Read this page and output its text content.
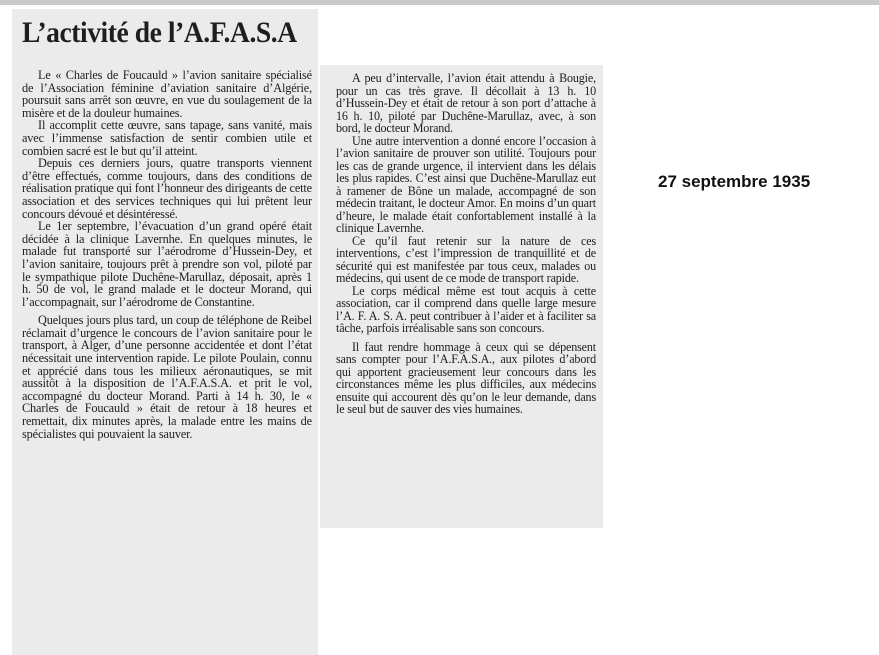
L’activité de l’A.F.A.S.A

Le « Charles de Foucauld » l’avion sanitaire spécialisé de l’Association féminine d’aviation sanitaire d’Algérie, poursuit sans arrêt son œuvre, en vue du soulagement de la misère et de la douleur humaines.

Il accomplit cette œuvre, sans tapage, sans vanité, mais avec l’immense satisfaction de sentir combien utile et combien sacré est le but qu’il atteint.

Depuis ces derniers jours, quatre transports viennent d’être effectués, comme toujours, dans des conditions de réalisation pratique qui font l’honneur des dirigeants de cette association et des services techniques qui lui prêtent leur concours dévoué et désintéressé.

Le 1er septembre, l’évacuation d’un grand opéré était décidée à la clinique Lavernhe. En quelques minutes, le malade fut transporté sur l’aérodrome d’Hussein-Dey, et l’avion sanitaire, toujours prêt à prendre son vol, piloté par le sympathique pilote Duchêne-Marullaz, déposait, après 1 h. 50 de vol, le grand malade et le docteur Morand, qui l’accompagnait, sur l’aérodrome de Constantine.

Quelques jours plus tard, un coup de téléphone de Reibel réclamait d’urgence le concours de l’avion sanitaire pour le transport, à Alger, d’une personne accidentée et dont l’état nécessitait une intervention rapide. Le pilote Poulain, connu et apprécié dans tous les milieux aéronautiques, se mit aussitôt à la disposition de l’A.F.A.S.A. et prit le vol, accompagné du docteur Morand. Parti à 14 h. 30, le « Charles de Foucauld » était de retour à 18 heures et remettait, dix minutes après, la malade entre les mains de spécialistes qui pouvaient la sauver.

A peu d’intervalle, l’avion était attendu à Bougie, pour un cas très grave. Il décollait à 13 h. 10 d’Hussein-Dey et était de retour à son port d’attache à 16 h. 10, piloté par Duchêne-Marullaz, avec, à son bord, le docteur Morand.

Une autre intervention a donné encore l’occasion à l’avion sanitaire de prouver son utilité. Toujours pour les cas de grande urgence, il intervient dans les délais les plus rapides. C’est ainsi que Duchêne-Marullaz eut à ramener de Bône un malade, accompagné de son médecin traitant, le docteur Amor. En moins d’un quart d’heure, le malade était confortablement installé à la clinique Lavernhe.

Ce qu’il faut retenir sur la nature de ces interventions, c’est l’impression de tranquillité et de sécurité qui est manifestée par tous ceux, malades ou médecins, qui usent de ce mode de transport rapide.

Le corps médical même est tout acquis à cette association, car il comprend dans quelle large mesure l’A. F. A. S. A. peut contribuer à l’aider et à faciliter sa tâche, parfois irréalisable sans son concours.

Il faut rendre hommage à ceux qui se dépensent sans compter pour l’A.F.A.S.A., aux pilotes d’abord qui apportent gracieusement leur concours dans les circonstances même les plus difficiles, aux médecins ensuite qui accourent dès qu’on le leur demande, dans le seul but de sauver des vies humaines.

27 septembre 1935
